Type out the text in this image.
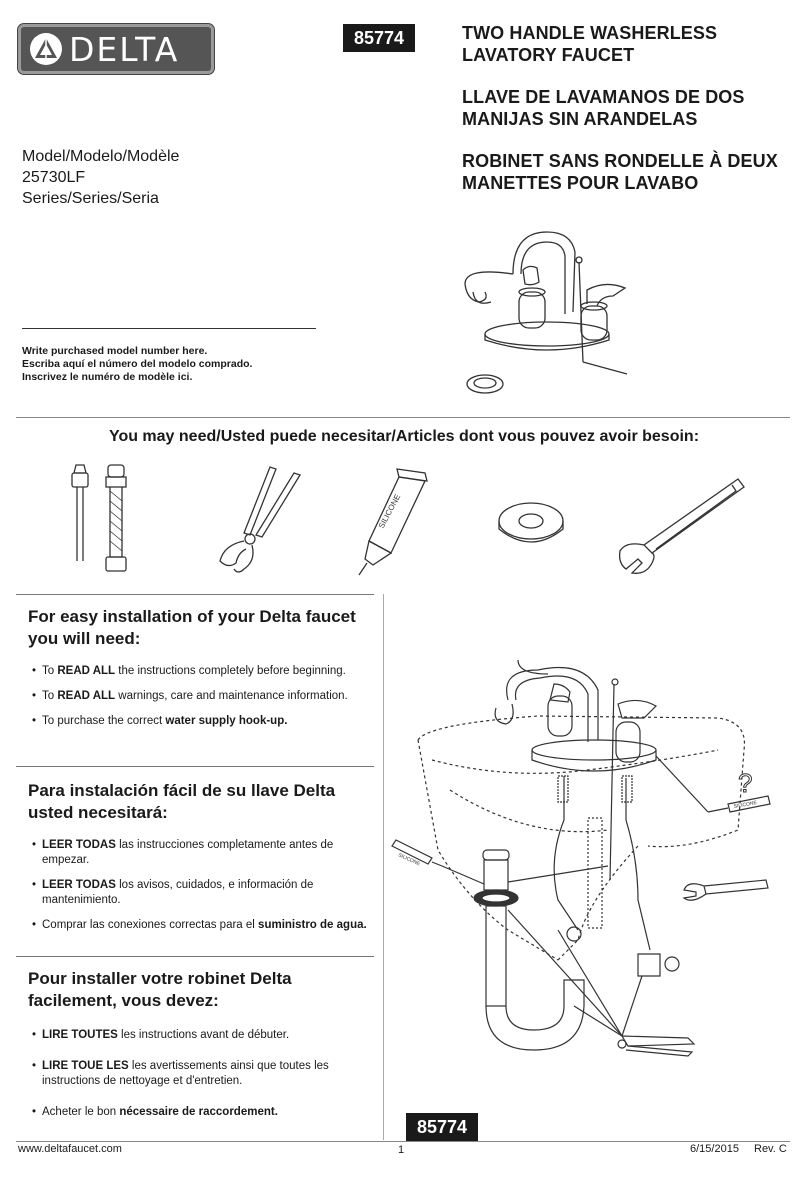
DELTA	85774	TWO HANDLE WASHERLESS LAVATORY FAUCET
LLAVE DE LAVAMANOS DE DOS MANIJAS SIN ARANDELAS
ROBINET SANS RONDELLE À DEUX MANETTES POUR LAVABO
Model/Modelo/Modèle
25730LF
Series/Series/Seria
Write purchased model number here.
Escriba aquí el número del modelo comprado.
Inscrivez le numéro de modèle ici.
You may need/Usted puede necesitar/Articles dont vous pouvez avoir besoin:
SILICONE
For easy installation of your Delta faucet you will need:
• To READ ALL the instructions completely before beginning.
• To READ ALL warnings, care and maintenance information.
• To purchase the correct water supply hook-up.
Para instalación fácil de su llave Delta usted necesitará:
• LEER TODAS las instrucciones completamente antes de empezar.
• LEER TODAS los avisos, cuidados, e información de mantenimiento.
• Comprar las conexiones correctas para el suministro de agua.
Pour installer votre robinet Delta facilement, vous devez:
• LIRE TOUTES les instructions avant de débuter.
• LIRE TOUE LES les avertissements ainsi que toutes les instructions de nettoyage et d'entretien.
• Acheter le bon nécessaire de raccordement.
SILICONE
SILICONE
?
85774
www.deltafaucet.com	1	6/15/2015 Rev. C
